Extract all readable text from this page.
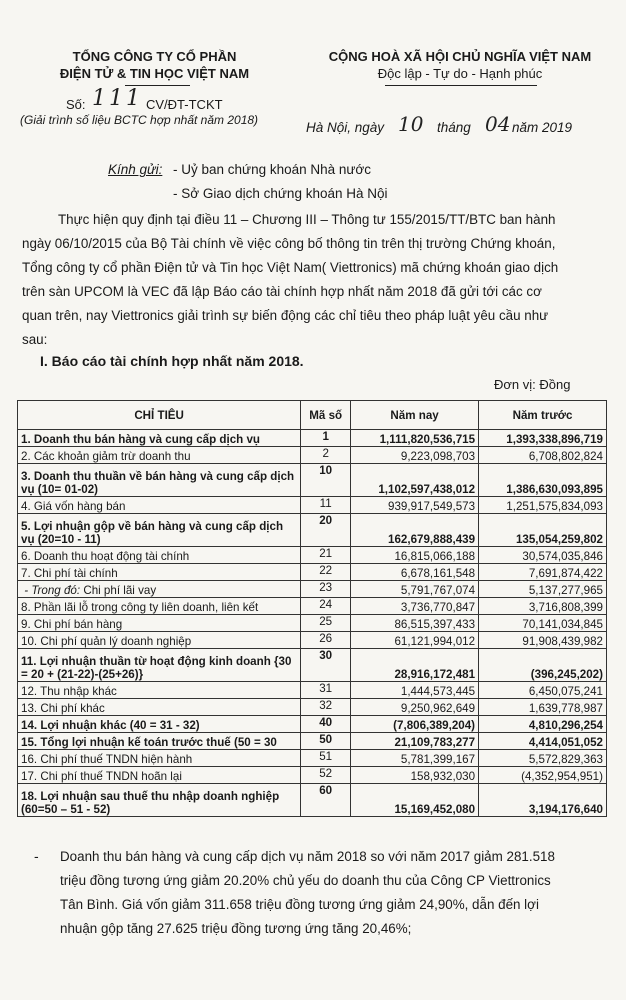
TỔNG CÔNG TY CỔ PHẦN
ĐIỆN TỬ & TIN HỌC VIỆT NAM
Số: 111 CV/ĐT-TCKT
(Giải trình số liệu BCTC hợp nhất năm 2018)
CỘNG HOÀ XÃ HỘI CHỦ NGHĨA VIỆT NAM
Độc lập - Tự do - Hạnh phúc
Hà Nội, ngày 10 tháng 04 năm 2019
Kính gửi: - Uỷ ban chứng khoán Nhà nước
- Sở Giao dịch chứng khoán Hà Nội
Thực hiện quy định tại điều 11 – Chương III – Thông tư 155/2015/TT/BTC ban hành
ngày 06/10/2015 của Bộ Tài chính về việc công bố thông tin trên thị trường Chứng khoán,
Tổng công ty cổ phần Điện tử và Tin học Việt Nam( Viettronics) mã chứng khoán giao dịch
trên sàn UPCOM là VEC đã lập Báo cáo tài chính hợp nhất năm 2018 đã gửi tới các cơ
quan trên, nay Viettronics giải trình sự biến động các chỉ tiêu theo pháp luật yêu cầu như
sau:
I. Báo cáo tài chính hợp nhất năm 2018.
Đơn vị: Đồng
CHỈ TIÊU	Mã số	Năm nay	Năm trước
1. Doanh thu bán hàng và cung cấp dịch vụ	1	1,111,820,536,715	1,393,338,896,719
2. Các khoản giảm trừ doanh thu	2	9,223,098,703	6,708,802,824
3. Doanh thu thuần về bán hàng và cung cấp dịch vụ (10= 01-02)	10	1,102,597,438,012	1,386,630,093,895
4. Giá vốn hàng bán	11	939,917,549,573	1,251,575,834,093
5. Lợi nhuận gộp về bán hàng và cung cấp dịch vụ (20=10 - 11)	20	162,679,888,439	135,054,259,802
6. Doanh thu hoạt động tài chính	21	16,815,066,188	30,574,035,846
7. Chi phí tài chính	22	6,678,161,548	7,691,874,422
- Trong đó: Chi phí lãi vay	23	5,791,767,074	5,137,277,965
8. Phần lãi lỗ trong công ty liên doanh, liên kết	24	3,736,770,847	3,716,808,399
9. Chi phí bán hàng	25	86,515,397,433	70,141,034,845
10. Chi phí quản lý doanh nghiệp	26	61,121,994,012	91,908,439,982
11. Lợi nhuận thuần từ hoạt động kinh doanh {30 = 20 + (21-22)-(25+26)}	30	28,916,172,481	(396,245,202)
12. Thu nhập khác	31	1,444,573,445	6,450,075,241
13. Chi phí khác	32	9,250,962,649	1,639,778,987
14. Lợi nhuận khác (40 = 31 - 32)	40	(7,806,389,204)	4,810,296,254
15. Tổng lợi nhuận kế toán trước thuế (50 = 30	50	21,109,783,277	4,414,051,052
16. Chi phí thuế TNDN hiện hành	51	5,781,399,167	5,572,829,363
17. Chi phí thuế TNDN hoãn lại	52	158,932,030	(4,352,954,951)
18. Lợi nhuận sau thuế thu nhập doanh nghiệp (60=50 – 51 - 52)	60	15,169,452,080	3,194,176,640
- Doanh thu bán hàng và cung cấp dịch vụ năm 2018 so với năm 2017 giảm 281.518
triệu đồng tương ứng giảm 20.20% chủ yếu do doanh thu của Công CP Viettronics
Tân Bình. Giá vốn giảm 311.658 triệu đồng tương ứng giảm 24,90%, dẫn đến lợi
nhuận gộp tăng 27.625 triệu đồng tương ứng tăng 20,46%;
